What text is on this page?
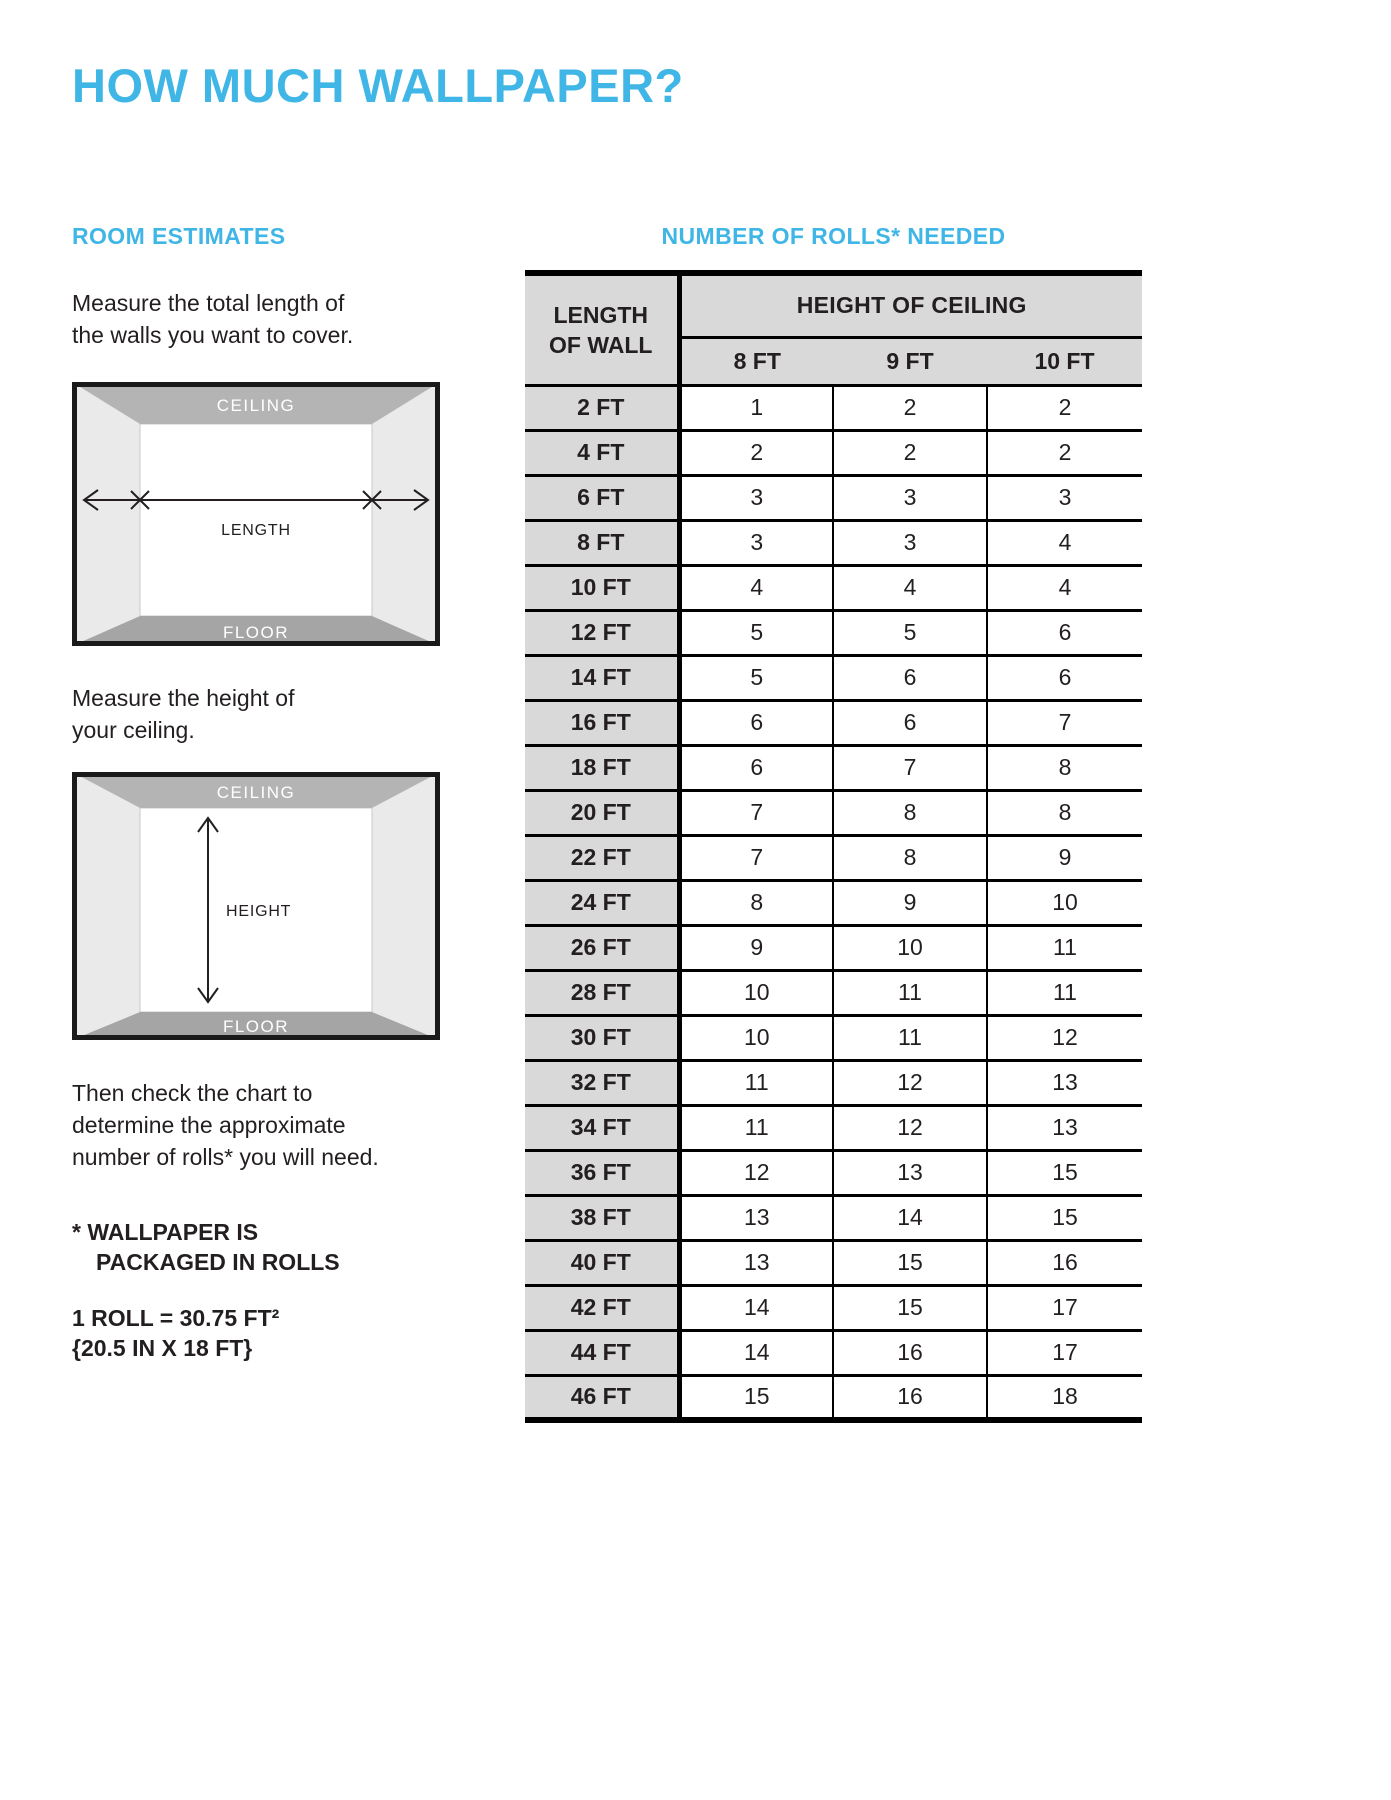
HOW MUCH WALLPAPER?
ROOM ESTIMATES

Measure the total length of
the walls you want to cover.

CEILING
FLOOR
LENGTH

Measure the height of
your ceiling.

CEILING
FLOOR
HEIGHT

Then check the chart to
determine the approximate
number of rolls* you will need.

* WALLPAPER IS
PACKAGED IN ROLLS
1 ROLL = 30.75 FT²
{20.5 IN X 18 FT}
NUMBER OF ROLLS* NEEDED
LENGTH
OF WALL	HEIGHT OF CEILING		
	8 FT	9 FT	10 FT
2 FT	1	2	2
4 FT	2	2	2
6 FT	3	3	3
8 FT	3	3	4
10 FT	4	4	4
12 FT	5	5	6
14 FT	5	6	6
16 FT	6	6	7
18 FT	6	7	8
20 FT	7	8	8
22 FT	7	8	9
24 FT	8	9	10
26 FT	9	10	11
28 FT	10	11	11
30 FT	10	11	12
32 FT	11	12	13
34 FT	11	12	13
36 FT	12	13	15
38 FT	13	14	15
40 FT	13	15	16
42 FT	14	15	17
44 FT	14	16	17
46 FT	15	16	18
